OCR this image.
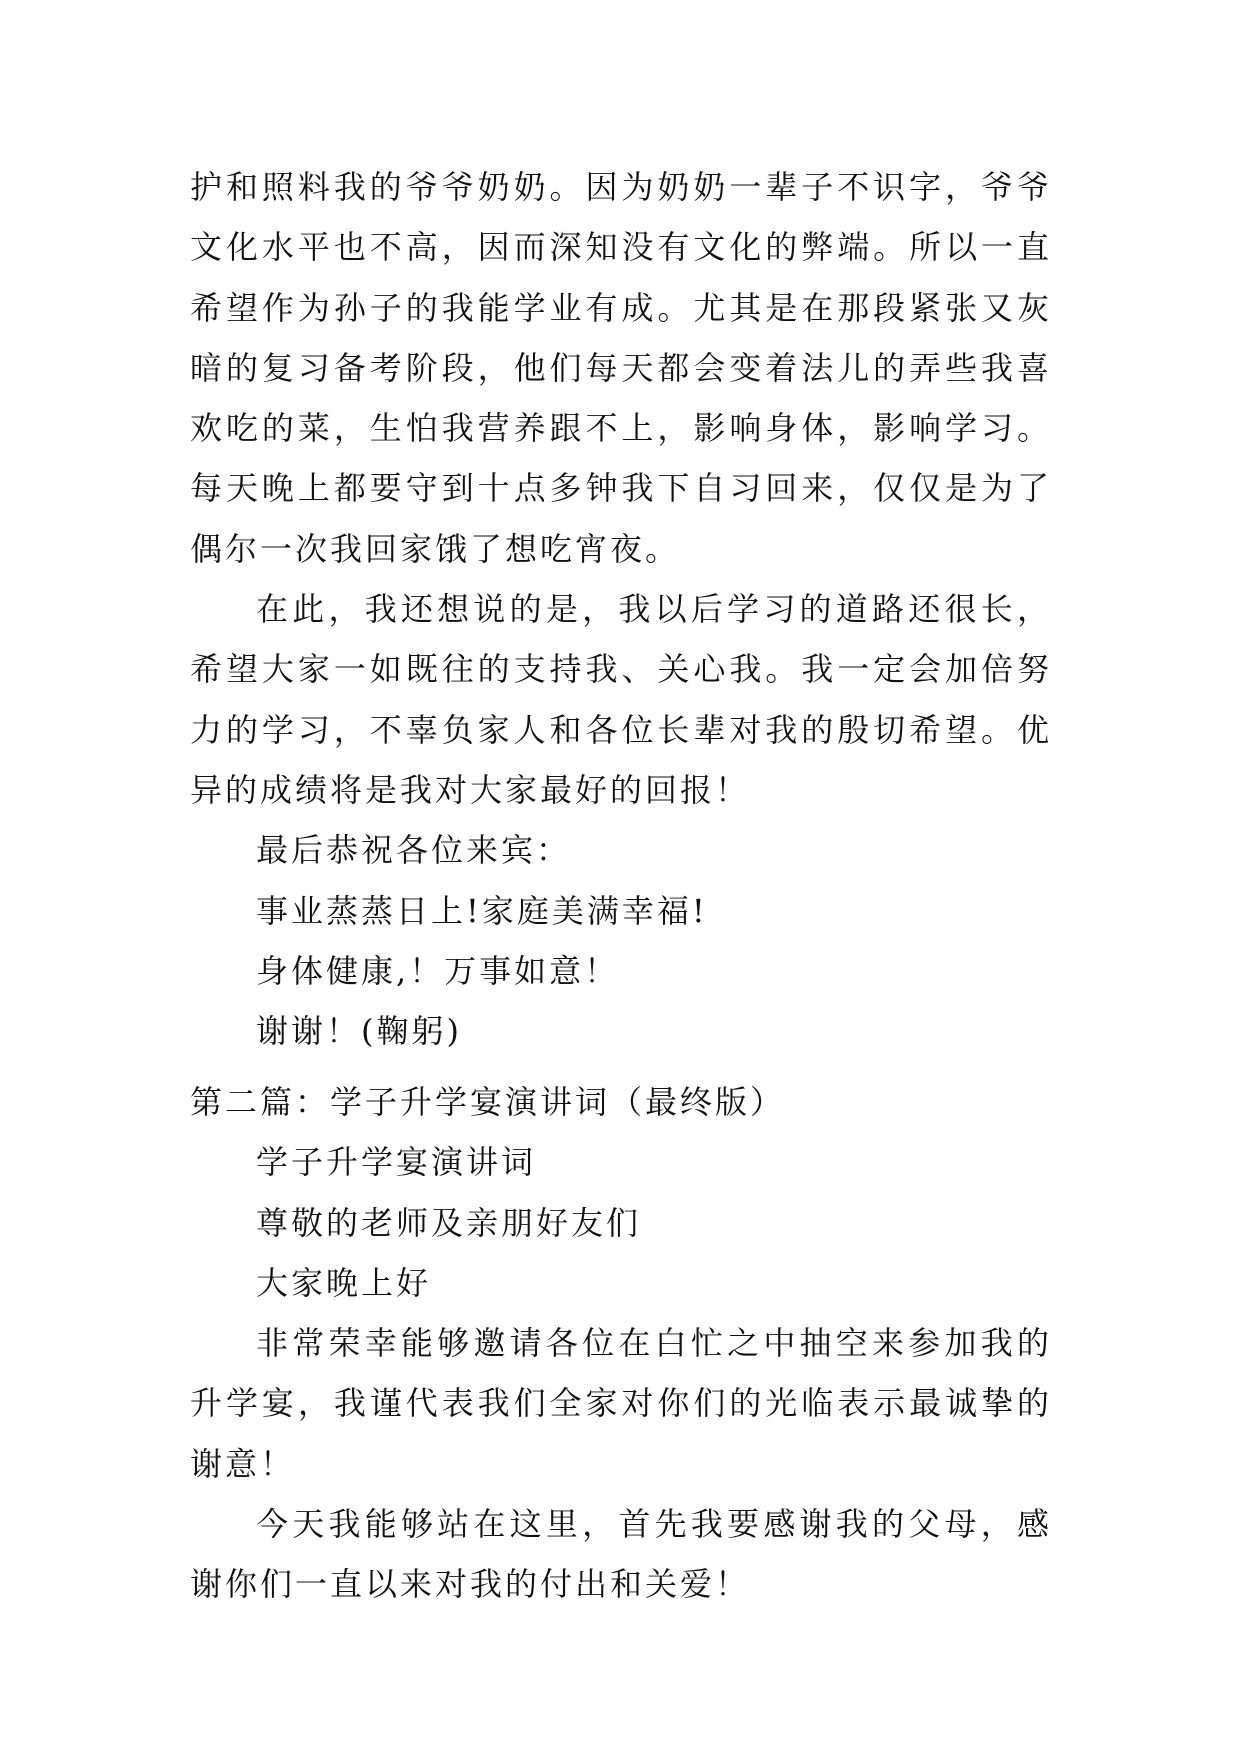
护和照料我的爷爷奶奶。因为奶奶一辈子不识字，爷爷文化水平也不高，因而深知没有文化的弊端。所以一直希望作为孙子的我能学业有成。尤其是在那段紧张又灰暗的复习备考阶段，他们每天都会变着法儿的弄些我喜欢吃的菜，生怕我营养跟不上，影响身体，影响学习。每天晚上都要守到十点多钟我下自习回来，仅仅是为了偶尔一次我回家饿了想吃宵夜。

在此，我还想说的是，我以后学习的道路还很长，希望大家一如既往的支持我、关心我。我一定会加倍努力的学习，不辜负家人和各位长辈对我的殷切希望。优异的成绩将是我对大家最好的回报！

最后恭祝各位来宾：

事业蒸蒸日上!家庭美满幸福!

身体健康,！万事如意！

谢谢！(鞠躬)

第二篇：学子升学宴演讲词（最终版）

学子升学宴演讲词

尊敬的老师及亲朋好友们

大家晚上好

非常荣幸能够邀请各位在白忙之中抽空来参加我的升学宴，我谨代表我们全家对你们的光临表示最诚挚的谢意！

今天我能够站在这里，首先我要感谢我的父母，感谢你们一直以来对我的付出和关爱！
